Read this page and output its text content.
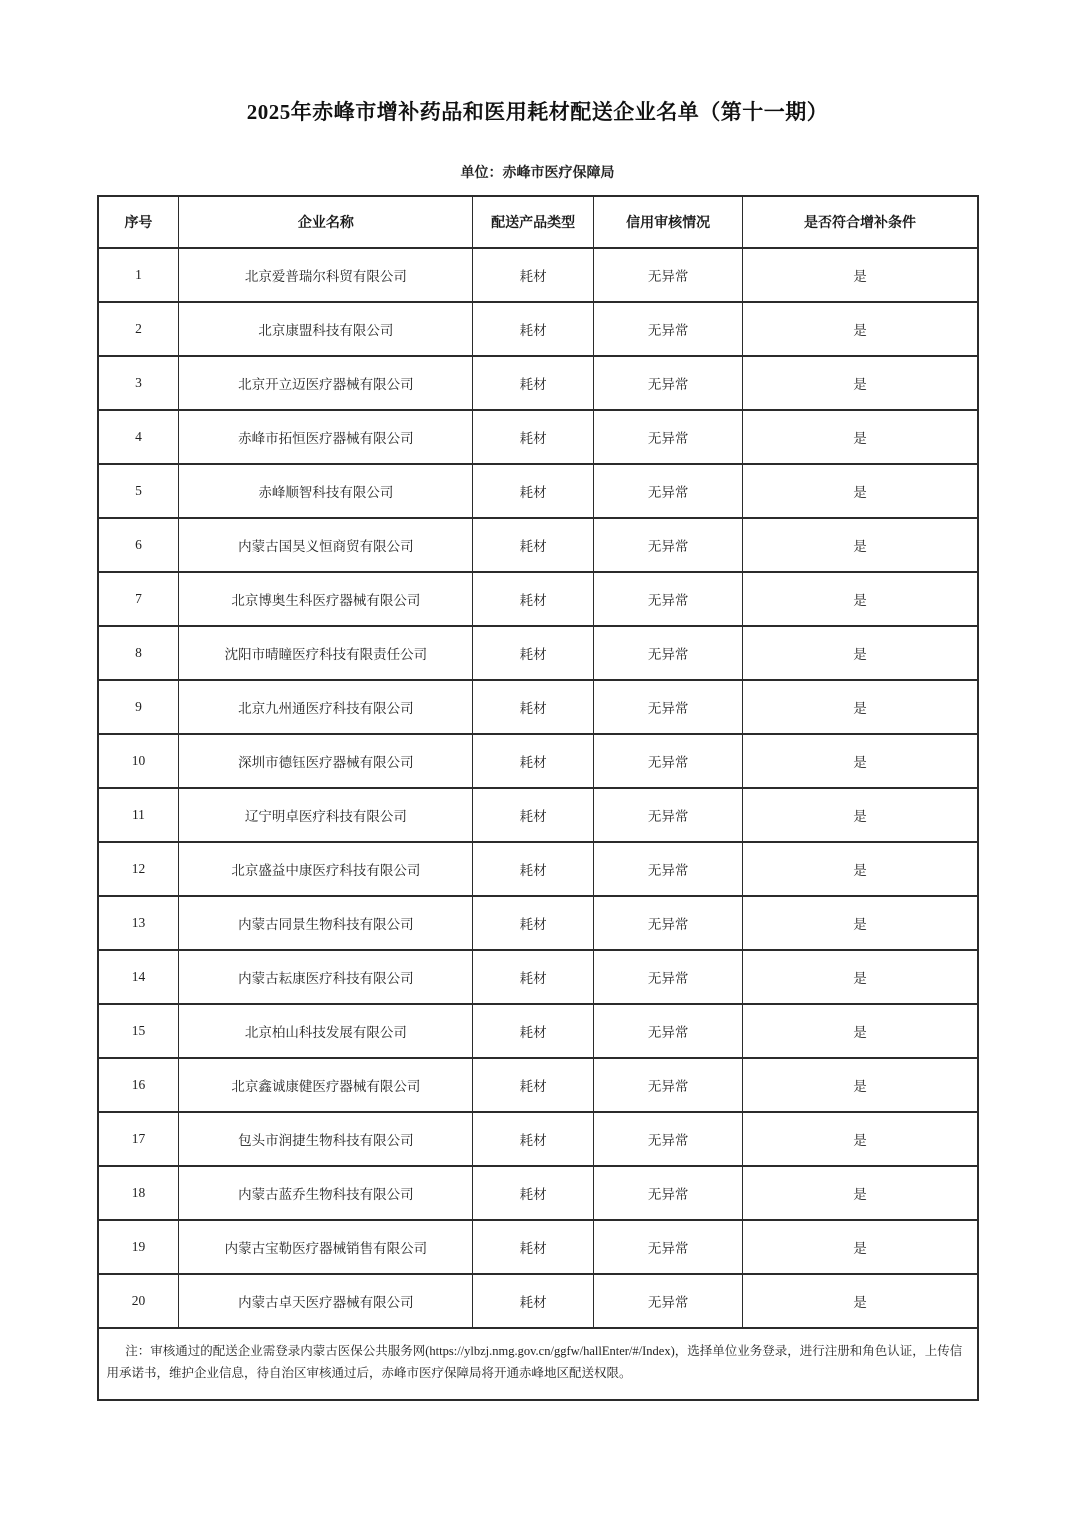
2025年赤峰市增补药品和医用耗材配送企业名单（第十一期）
单位：赤峰市医疗保障局
序号	企业名称	配送产品类型	信用审核情况	是否符合增补条件
1	北京爱普瑞尔科贸有限公司	耗材	无异常	是
2	北京康盟科技有限公司	耗材	无异常	是
3	北京开立迈医疗器械有限公司	耗材	无异常	是
4	赤峰市拓恒医疗器械有限公司	耗材	无异常	是
5	赤峰顺智科技有限公司	耗材	无异常	是
6	内蒙古国昊义恒商贸有限公司	耗材	无异常	是
7	北京博奥生科医疗器械有限公司	耗材	无异常	是
8	沈阳市晴瞳医疗科技有限责任公司	耗材	无异常	是
9	北京九州通医疗科技有限公司	耗材	无异常	是
10	深圳市德钰医疗器械有限公司	耗材	无异常	是
11	辽宁明卓医疗科技有限公司	耗材	无异常	是
12	北京盛益中康医疗科技有限公司	耗材	无异常	是
13	内蒙古同景生物科技有限公司	耗材	无异常	是
14	内蒙古耘康医疗科技有限公司	耗材	无异常	是
15	北京柏山科技发展有限公司	耗材	无异常	是
16	北京鑫诚康健医疗器械有限公司	耗材	无异常	是
17	包头市润捷生物科技有限公司	耗材	无异常	是
18	内蒙古蓝乔生物科技有限公司	耗材	无异常	是
19	内蒙古宝勒医疗器械销售有限公司	耗材	无异常	是
20	内蒙古卓天医疗器械有限公司	耗材	无异常	是

注：审核通过的配送企业需登录内蒙古医保公共服务网(https://ylbzj.nmg.gov.cn/ggfw/hallEnter/#/Index)，选择单位业务登录，进行注册和角色认证，上传信用承诺书，维护企业信息，待自治区审核通过后，赤峰市医疗保障局将开通赤峰地区配送权限。				
